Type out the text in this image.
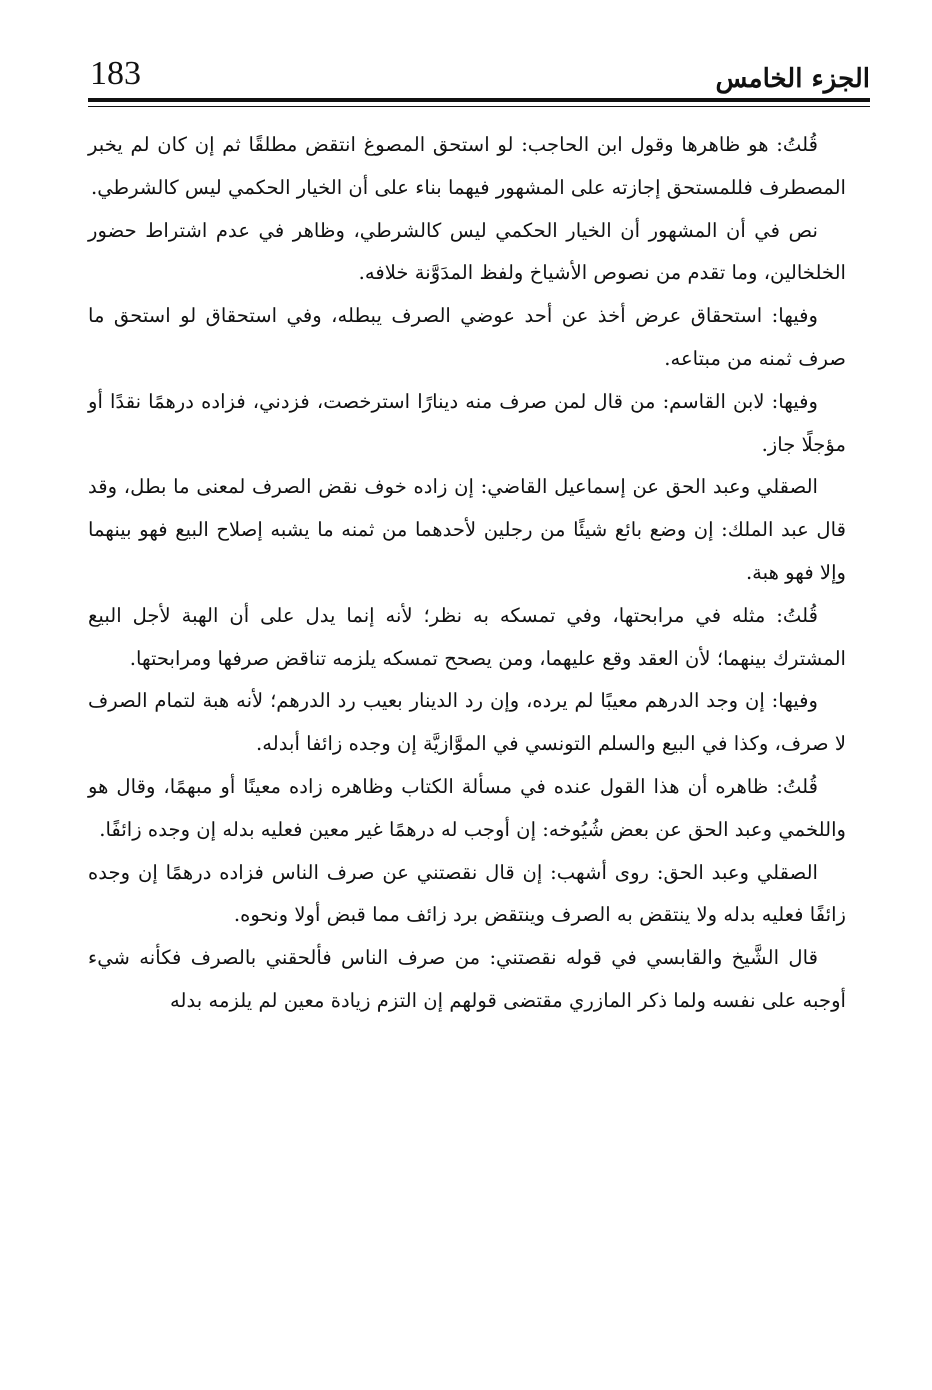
183	الجزء الخامس

قُلتُ: هو ظاهرها وقول ابن الحاجب: لو استحق المصوغ انتقض مطلقًا ثم إن كان لم يخبر المصطرف فللمستحق إجازته على المشهور فيهما بناء على أن الخيار الحكمي ليس كالشرطي.

نص في أن المشهور أن الخيار الحكمي ليس كالشرطي، وظاهر في عدم اشتراط حضور الخلخالين، وما تقدم من نصوص الأشياخ ولفظ المدَوَّنة خلافه.

وفيها: استحقاق عرض أخذ عن أحد عوضي الصرف يبطله، وفي استحقاق لو استحق ما صرف ثمنه من مبتاعه.

وفيها: لابن القاسم: من قال لمن صرف منه دينارًا استرخصت، فزدني، فزاده درهمًا نقدًا أو مؤجلًا جاز.

الصقلي وعبد الحق عن إسماعيل القاضي: إن زاده خوف نقض الصرف لمعنى ما بطل، وقد قال عبد الملك: إن وضع بائع شيئًا من رجلين لأحدهما من ثمنه ما يشبه إصلاح البيع فهو بينهما وإلا فهو هبة.

قُلتُ: مثله في مرابحتها، وفي تمسكه به نظر؛ لأنه إنما يدل على أن الهبة لأجل البيع المشترك بينهما؛ لأن العقد وقع عليهما، ومن يصحح تمسكه يلزمه تناقض صرفها ومرابحتها.

وفيها: إن وجد الدرهم معيبًا لم يرده، وإن رد الدينار بعيب رد الدرهم؛ لأنه هبة لتمام الصرف لا صرف، وكذا في البيع والسلم التونسي في الموَّازيَّة إن وجده زائفا أبدله.

قُلتُ: ظاهره أن هذا القول عنده في مسألة الكتاب وظاهره زاده معينًا أو مبهمًا، وقال هو واللخمي وعبد الحق عن بعض شُيُوخه: إن أوجب له درهمًا غير معين فعليه بدله إن وجده زائفًا.

الصقلي وعبد الحق: روى أشهب: إن قال نقصتني عن صرف الناس فزاده درهمًا إن وجده زائفًا فعليه بدله ولا ينتقض به الصرف وينتقض برد زائف مما قبض أولا ونحوه.

قال الشَّيخ والقابسي في قوله نقصتني: من صرف الناس فألحقني بالصرف فكأنه شيء أوجبه على نفسه ولما ذكر المازري مقتضى قولهم إن التزم زيادة معين لم يلزمه بدله
